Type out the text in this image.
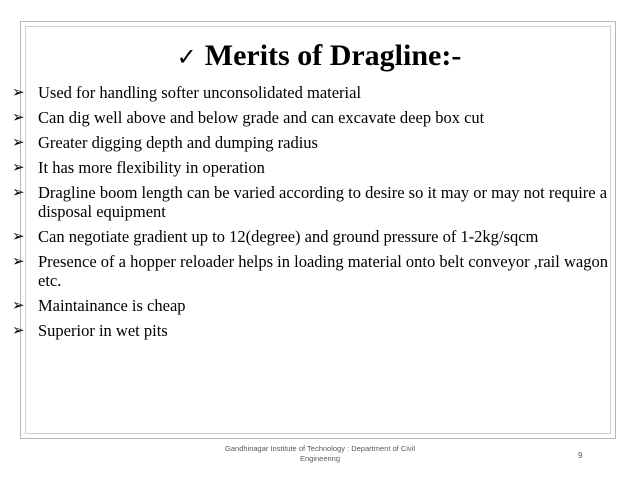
✓ Merits of Dragline:-
➢ Used for handling softer unconsolidated material
➢ Can dig well above and below grade and can excavate deep box cut
➢ Greater digging depth and dumping radius
➢ It has more flexibility in operation
➢ Dragline boom length can be varied according to desire so it may or may not require a disposal equipment
➢ Can negotiate gradient up to 12(degree) and ground pressure of 1-2kg/sqcm
➢ Presence of a hopper reloader helps in loading material onto belt conveyor ,rail wagon etc.
➢ Maintainance is cheap
➢ Superior in wet pits
Gandhinagar Institute of Technology : Department of Civil Engineering	9
